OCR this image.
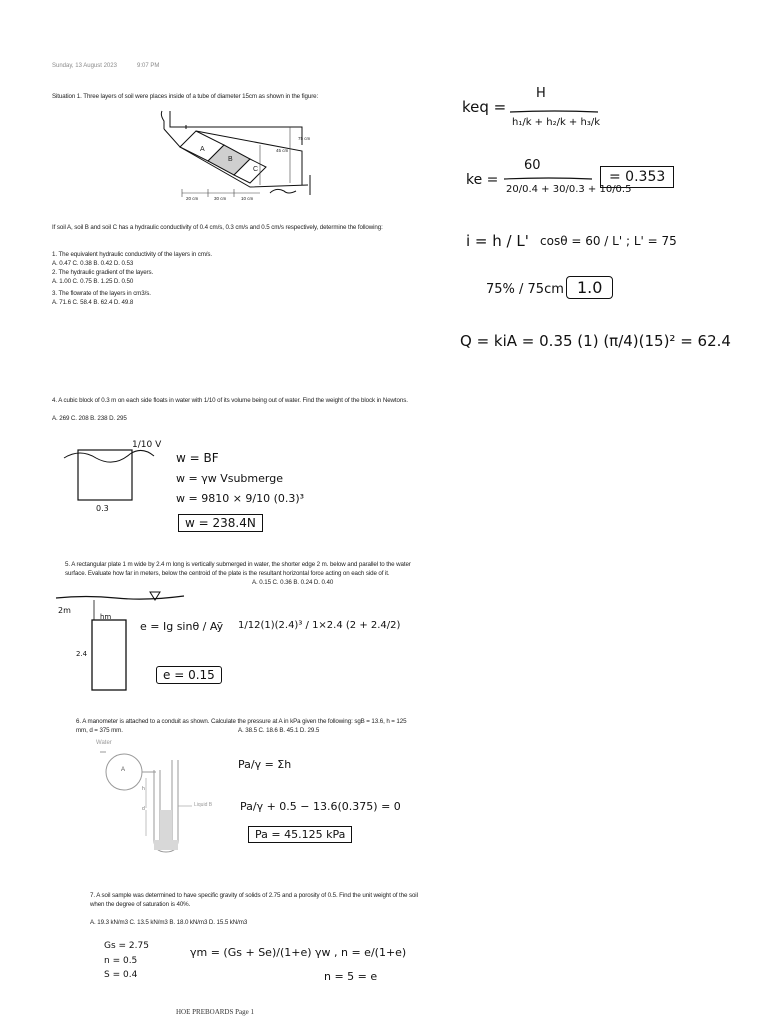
Sunday, 13 August 2023	9:07 PM
Situation 1. Three layers of soil were places inside of a tube of diameter 15cm as shown in the figure:
A
B
C
75 cm
45 cm
20 cm	30 cm	10 cm
If soil A, soil B and soil C has a hydraulic conductivity of 0.4 cm/s, 0.3 cm/s and 0.5 cm/s respectively, determine the following:
1. The equivalent hydraulic conductivity of the layers in cm/s.
A. 0.47 C. 0.38 B. 0.42 D. 0.53
2. The hydraulic gradient of the layers.
A. 1.00 C. 0.75 B. 1.25 D. 0.50
3. The flowrate of the layers in cm3/s.
A. 71.6 C. 58.4 B. 62.4 D. 49.8
keq =
H
h₁/k + h₂/k + h₃/k
60
ke =
20/0.4 + 30/0.3 + 10/0.5
= 0.353
i = h / L' cosθ = 60 / L' ; L' = 75
75% / 75cm 1.0
Q = kiA = 0.35 (1) (π/4)(15)² = 62.4
4. A cubic block of 0.3 m on each side floats in water with 1/10 of its volume being out of water. Find the weight of the block in Newtons.
A. 269 C. 208 B. 238 D. 295
1/10 V
0.3
w = BF
w = γw Vsubmerge
w = 9810 × 9/10 (0.3)³
w = 238.4N
5. A rectangular plate 1 m wide by 2.4 m long is vertically submerged in water, the shorter edge 2 m. below and parallel to the water surface. Evaluate how far in meters, below the centroid of the plate is the resultant horizontal force acting on each side of it.
A. 0.15 C. 0.36 B. 0.24 D. 0.40
2m
hm
2.4
e = Ig sinθ / Aȳ 1/12(1)(2.4)³ / 1×2.4 (2 + 2.4/2)
e = 0.15
6. A manometer is attached to a conduit as shown. Calculate the pressure at A in kPa given the following: sgB = 13.6, h = 125 mm, d = 375 mm.	A. 38.5 C. 18.6 B. 45.1 D. 29.5
Water
A
h
d
Liquid B
Pa/γ = Σh
Pa/γ + 0.5 − 13.6(0.375) = 0
Pa = 45.125 kPa
7. A soil sample was determined to have specific gravity of solids of 2.75 and a porosity of 0.5. Find the unit weight of the soil when the degree of saturation is 40%.
A. 19.3 kN/m3 C. 13.5 kN/m3 B. 18.0 kN/m3 D. 15.5 kN/m3
Gs = 2.75
n = 0.5
S = 0.4
γm = (Gs + Se)/(1+e) γw , n = e/(1+e)
n = 5 = e
HOE PREBOARDS Page 1
